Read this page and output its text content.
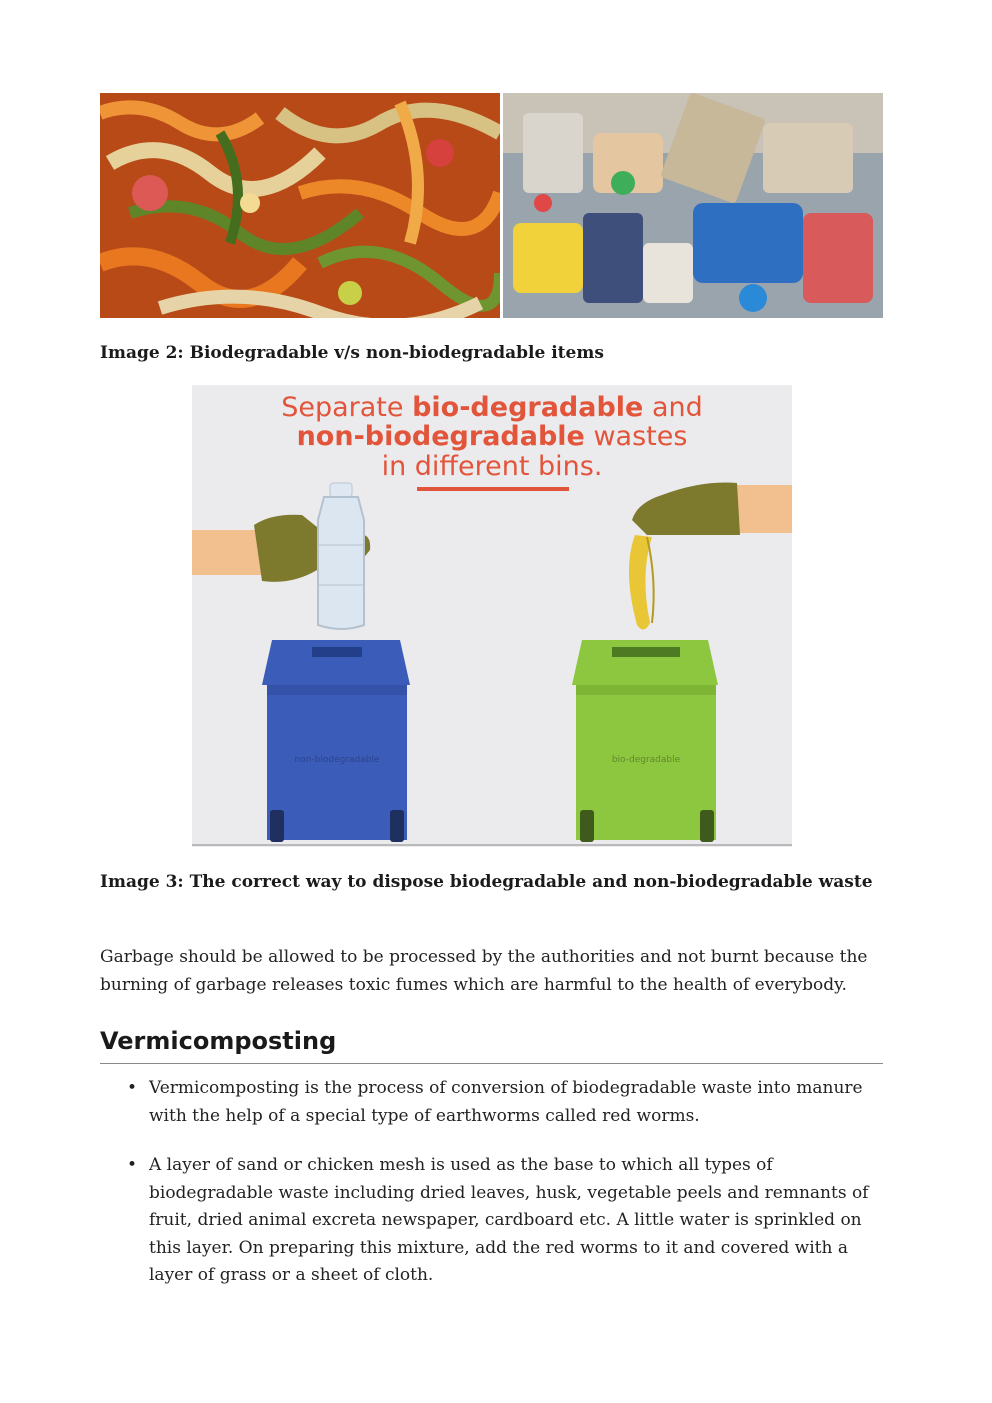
Image 2: Biodegradable v/s non-biodegradable items
Separate bio-degradable and
non-biodegradable wastes
in different bins.
non-biodegradable	bio-degradable
Image 3: The correct way to dispose biodegradable and non-biodegradable waste
Garbage should be allowed to be processed by the authorities and not burnt because the burning of garbage releases toxic fumes which are harmful to the health of everybody.
Vermicomposting
• Vermicomposting is the process of conversion of biodegradable waste into manure with the help of a special type of earthworms called red worms.
• A layer of sand or chicken mesh is used as the base to which all types of biodegradable waste including dried leaves, husk, vegetable peels and remnants of fruit, dried animal excreta newspaper, cardboard etc. A little water is sprinkled on this layer. On preparing this mixture, add the red worms to it and covered with a layer of grass or a sheet of cloth.
